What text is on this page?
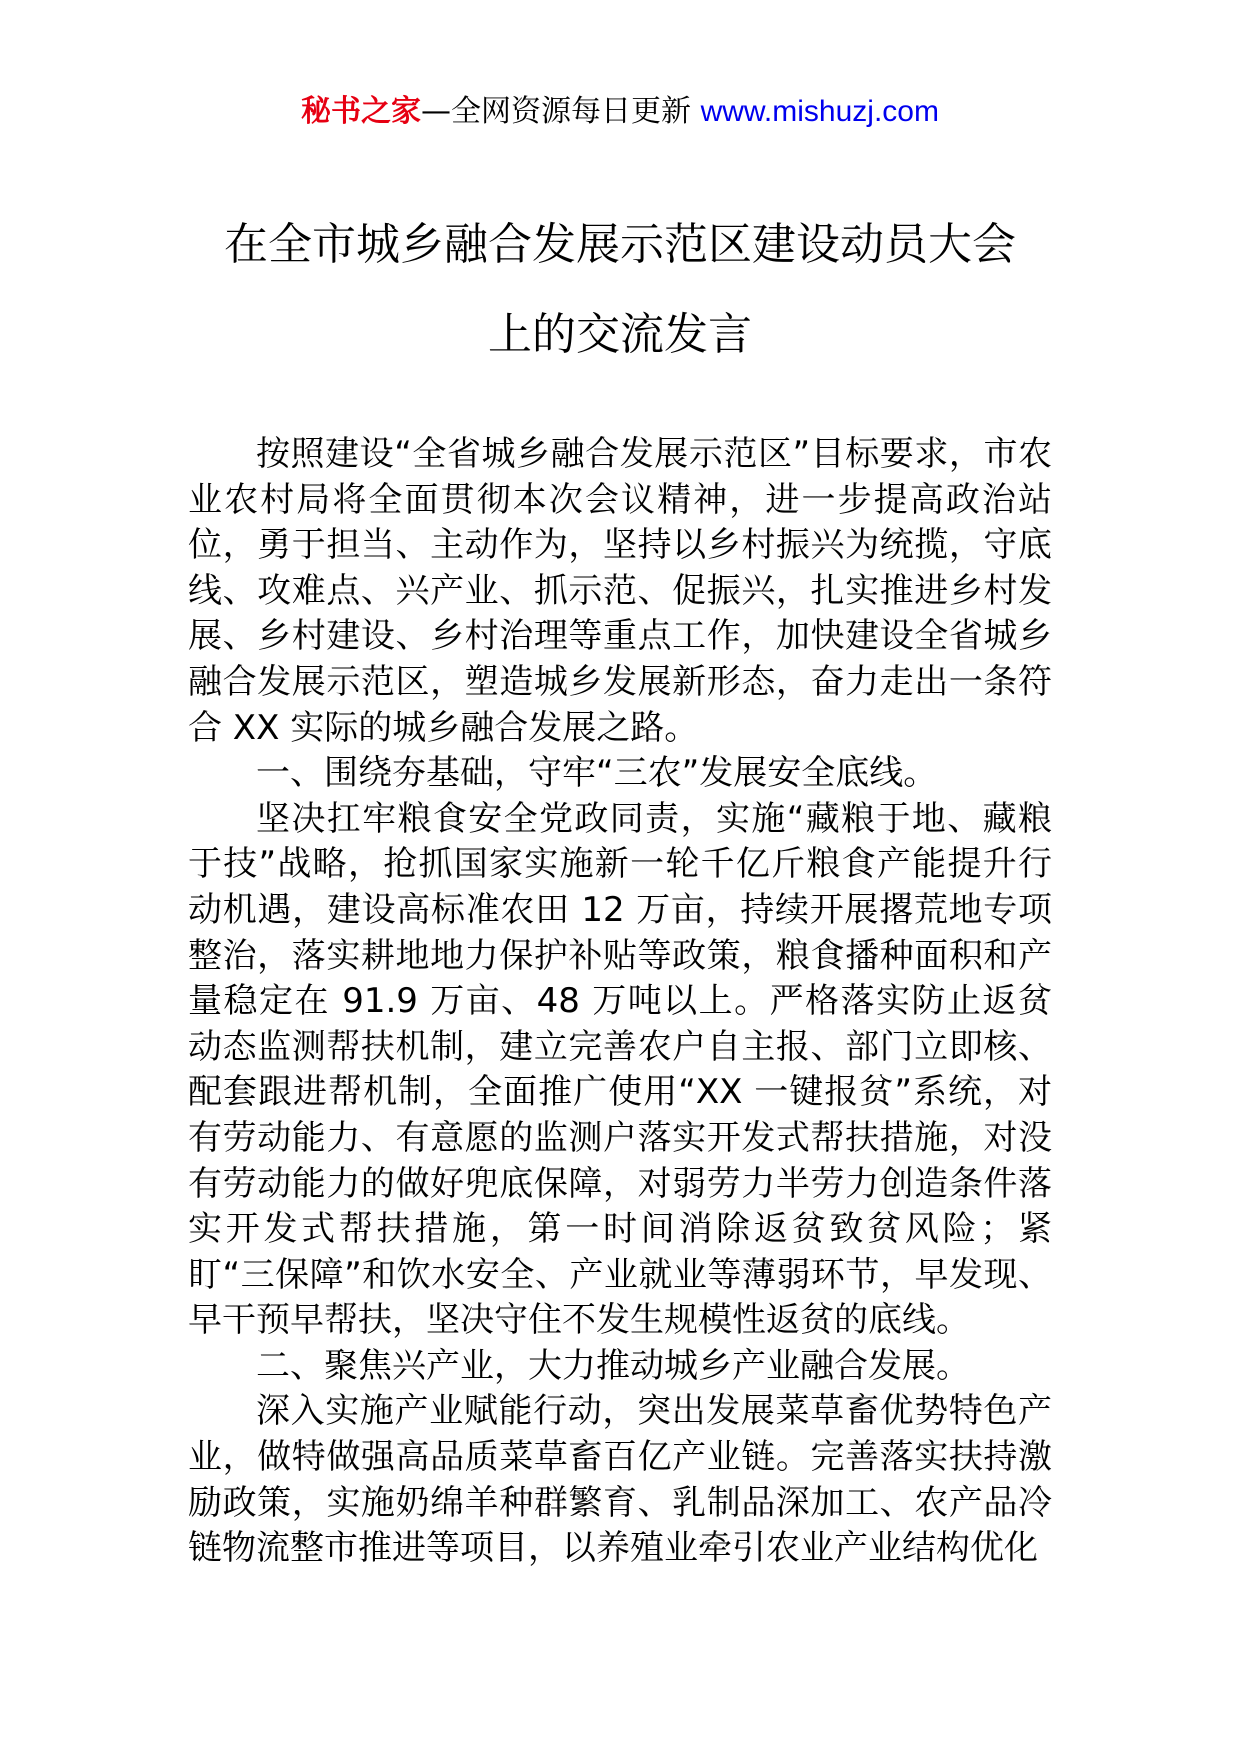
秘书之家—全网资源每日更新 www.mishuzj.com
在全市城乡融合发展示范区建设动员大会
上的交流发言

按照建设“全省城乡融合发展示范区”目标要求，市农业农村局将全面贯彻本次会议精神，进一步提高政治站位，勇于担当、主动作为，坚持以乡村振兴为统揽，守底线、攻难点、兴产业、抓示范、促振兴，扎实推进乡村发展、乡村建设、乡村治理等重点工作，加快建设全省城乡融合发展示范区，塑造城乡发展新形态，奋力走出一条符合 XX 实际的城乡融合发展之路。

一、围绕夯基础，守牢“三农”发展安全底线。

坚决扛牢粮食安全党政同责，实施“藏粮于地、藏粮于技”战略，抢抓国家实施新一轮千亿斤粮食产能提升行动机遇，建设高标准农田 12 万亩，持续开展撂荒地专项整治，落实耕地地力保护补贴等政策，粮食播种面积和产量稳定在 91.9 万亩、48 万吨以上。严格落实防止返贫动态监测帮扶机制，建立完善农户自主报、部门立即核、配套跟进帮机制，全面推广使用“XX 一键报贫”系统，对有劳动能力、有意愿的监测户落实开发式帮扶措施，对没有劳动能力的做好兜底保障，对弱劳力半劳力创造条件落实开发式帮扶措施，第一时间消除返贫致贫风险；紧盯“三保障”和饮水安全、产业就业等薄弱环节，早发现、早干预早帮扶，坚决守住不发生规模性返贫的底线。

二、聚焦兴产业，大力推动城乡产业融合发展。

深入实施产业赋能行动，突出发展菜草畜优势特色产业，做特做强高品质菜草畜百亿产业链。完善落实扶持激励政策，实施奶绵羊种群繁育、乳制品深加工、农产品冷链物流整市推进等项目，以养殖业牵引农业产业结构优化
